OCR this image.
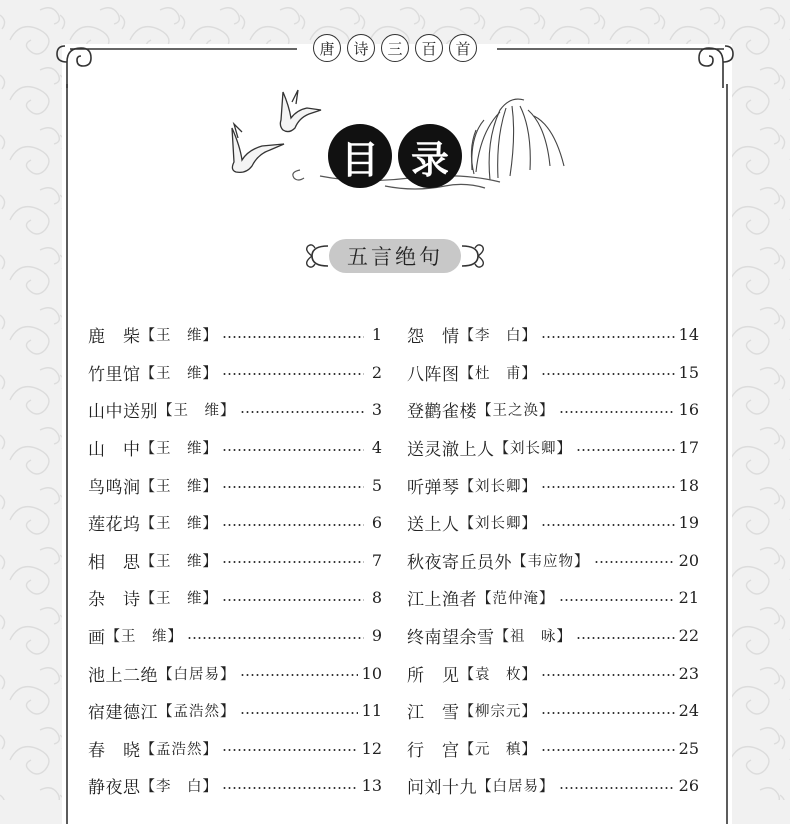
唐	诗	三	百	首
目 录
五言绝句
鹿　柴 【王　维】	1
竹里馆 【王　维】	2
山中送别 【王　维】	3
山　中 【王　维】	4
鸟鸣涧 【王　维】	5
莲花坞 【王　维】	6
相　思 【王　维】	7
杂　诗 【王　维】	8
画 【王　维】	9
池上二绝 【白居易】	10
宿建德江 【孟浩然】	11
春　晓 【孟浩然】	12
静夜思 【李　白】	13
怨　情 【李　白】	14
八阵图 【杜　甫】	15
登鹳雀楼 【王之涣】	16
送灵澈上人 【刘长卿】	17
听弹琴 【刘长卿】	18
送上人 【刘长卿】	19
秋夜寄丘员外 【韦应物】	20
江上渔者 【范仲淹】	21
终南望余雪 【祖　咏】	22
所　见 【袁　枚】	23
江　雪 【柳宗元】	24
行　宫 【元　稹】	25
问刘十九 【白居易】	26
